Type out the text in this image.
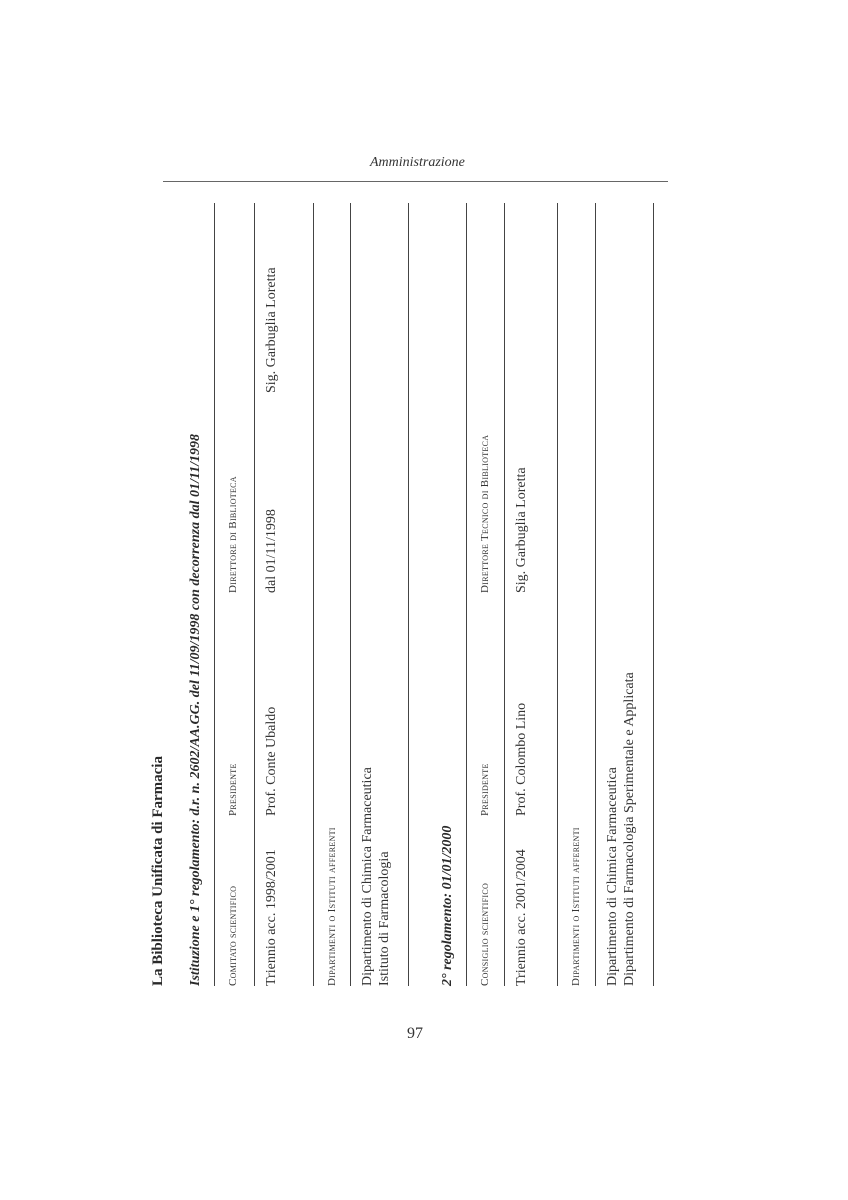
Amministrazione
La Biblioteca Unificata di Farmacia Istituzione e 1° regolamento: d.r. n. 2602/AA.GG. del 11/09/1998 con decorrenza dal 01/11/1998 Comitato scientifico
Presidente
Direttore di Biblioteca
Triennio acc. 1998/2001
Prof. Conte Ubaldo
dal 01/11/1998
Sig. Garbuglia Loretta
Dipartimenti o Istituti afferenti Dipartimento di Chimica Farmaceutica Istituto di Farmacologia	2° regolamento: 01/01/2000 Consiglio scientifico
Presidente
Direttore Tecnico di Biblioteca
Triennio acc. 2001/2004
Prof. Colombo Lino
Sig. Garbuglia Loretta
Dipartimenti o Istituti afferenti Dipartimento di Chimica Farmaceutica Dipartimento di Farmacologia Sperimentale e Applicata
97
